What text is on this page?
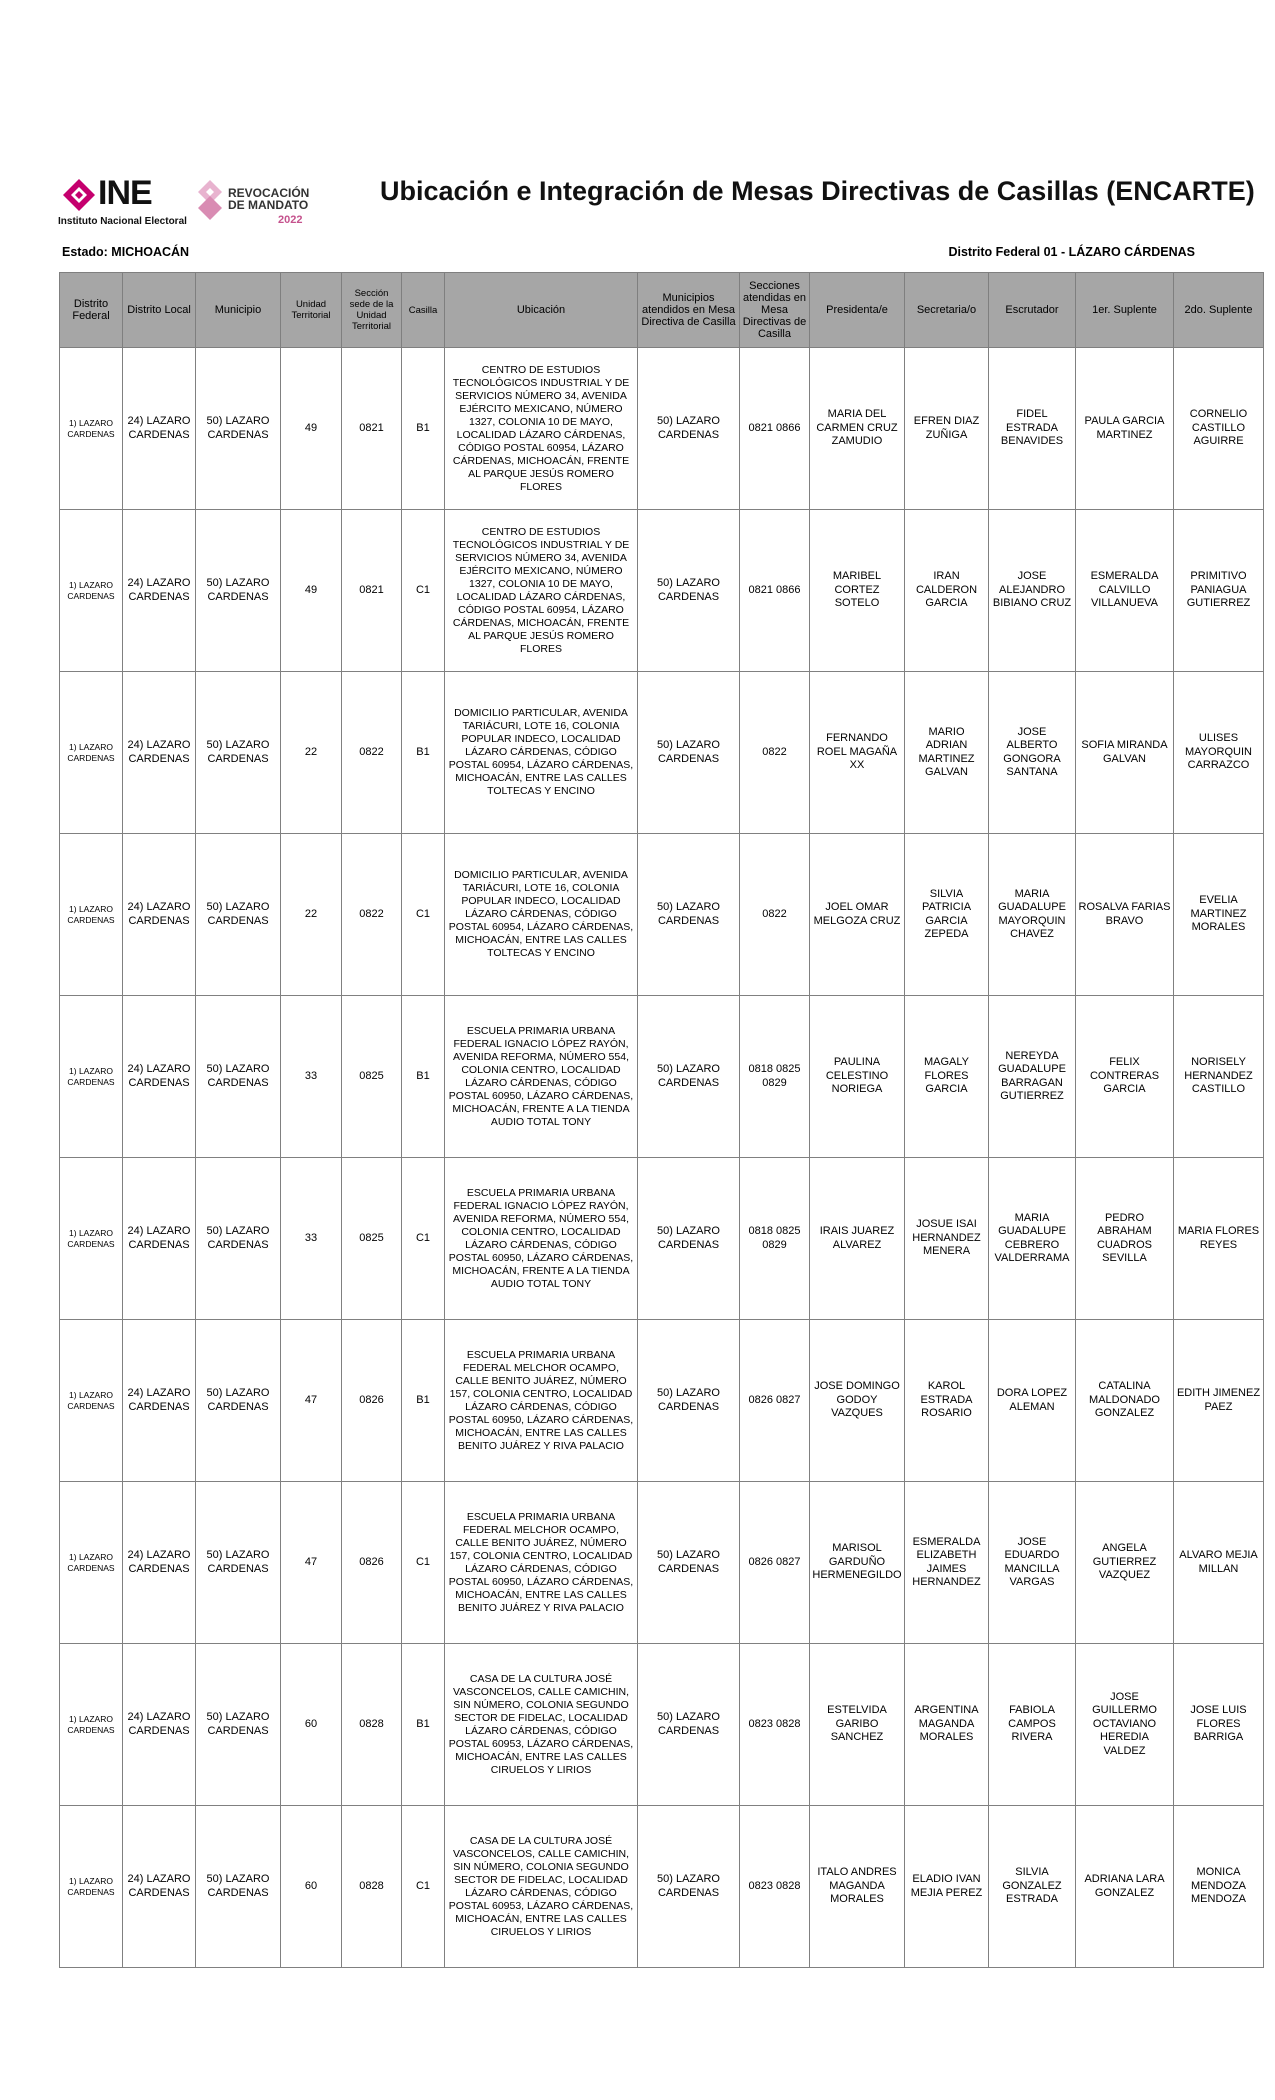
INE
Instituto Nacional Electoral
REVOCACIÓN
DE MANDATO
2022
Ubicación e Integración de Mesas Directivas de Casillas (ENCARTE)
Estado: MICHOACÁN	Distrito Federal 01 - LÁZARO CÁRDENAS
Distrito Federal	Distrito Local	Municipio	Unidad Territorial	Sección sede de la Unidad Territorial	Casilla	Ubicación	Municipios atendidos en Mesa Directiva de Casilla	Secciones atendidas en Mesa Directivas de Casilla	Presidenta/e	Secretaria/o	Escrutador	1er. Suplente	2do. Suplente
1) LAZARO CARDENAS	24) LAZARO CARDENAS	50) LAZARO CARDENAS	49	0821	B1	CENTRO DE ESTUDIOS TECNOLÓGICOS INDUSTRIAL Y DE SERVICIOS NÚMERO 34, AVENIDA EJÉRCITO MEXICANO, NÚMERO 1327, COLONIA 10 DE MAYO, LOCALIDAD LÁZARO CÁRDENAS, CÓDIGO POSTAL 60954, LÁZARO CÁRDENAS, MICHOACÁN, FRENTE AL PARQUE JESÚS ROMERO FLORES	50) LAZARO CARDENAS	0821 0866	MARIA DEL CARMEN CRUZ ZAMUDIO	EFREN DIAZ ZUÑIGA	FIDEL ESTRADA BENAVIDES	PAULA GARCIA MARTINEZ	CORNELIO CASTILLO AGUIRRE
1) LAZARO CARDENAS	24) LAZARO CARDENAS	50) LAZARO CARDENAS	49	0821	C1	CENTRO DE ESTUDIOS TECNOLÓGICOS INDUSTRIAL Y DE SERVICIOS NÚMERO 34, AVENIDA EJÉRCITO MEXICANO, NÚMERO 1327, COLONIA 10 DE MAYO, LOCALIDAD LÁZARO CÁRDENAS, CÓDIGO POSTAL 60954, LÁZARO CÁRDENAS, MICHOACÁN, FRENTE AL PARQUE JESÚS ROMERO FLORES	50) LAZARO CARDENAS	0821 0866	MARIBEL CORTEZ SOTELO	IRAN CALDERON GARCIA	JOSE ALEJANDRO BIBIANO CRUZ	ESMERALDA CALVILLO VILLANUEVA	PRIMITIVO PANIAGUA GUTIERREZ
1) LAZARO CARDENAS	24) LAZARO CARDENAS	50) LAZARO CARDENAS	22	0822	B1	DOMICILIO PARTICULAR, AVENIDA TARIÁCURI, LOTE 16, COLONIA POPULAR INDECO, LOCALIDAD LÁZARO CÁRDENAS, CÓDIGO POSTAL 60954, LÁZARO CÁRDENAS, MICHOACÁN, ENTRE LAS CALLES TOLTECAS Y ENCINO	50) LAZARO CARDENAS	0822	FERNANDO ROEL MAGAÑA XX	MARIO ADRIAN MARTINEZ GALVAN	JOSE ALBERTO GONGORA SANTANA	SOFIA MIRANDA GALVAN	ULISES MAYORQUIN CARRAZCO
1) LAZARO CARDENAS	24) LAZARO CARDENAS	50) LAZARO CARDENAS	22	0822	C1	DOMICILIO PARTICULAR, AVENIDA TARIÁCURI, LOTE 16, COLONIA POPULAR INDECO, LOCALIDAD LÁZARO CÁRDENAS, CÓDIGO POSTAL 60954, LÁZARO CÁRDENAS, MICHOACÁN, ENTRE LAS CALLES TOLTECAS Y ENCINO	50) LAZARO CARDENAS	0822	JOEL OMAR MELGOZA CRUZ	SILVIA PATRICIA GARCIA ZEPEDA	MARIA GUADALUPE MAYORQUIN CHAVEZ	ROSALVA FARIAS BRAVO	EVELIA MARTINEZ MORALES
1) LAZARO CARDENAS	24) LAZARO CARDENAS	50) LAZARO CARDENAS	33	0825	B1	ESCUELA PRIMARIA URBANA FEDERAL IGNACIO LÓPEZ RAYÓN, AVENIDA REFORMA, NÚMERO 554, COLONIA CENTRO, LOCALIDAD LÁZARO CÁRDENAS, CÓDIGO POSTAL 60950, LÁZARO CÁRDENAS, MICHOACÁN, FRENTE A LA TIENDA AUDIO TOTAL TONY	50) LAZARO CARDENAS	0818 0825 0829	PAULINA CELESTINO NORIEGA	MAGALY FLORES GARCIA	NEREYDA GUADALUPE BARRAGAN GUTIERREZ	FELIX CONTRERAS GARCIA	NORISELY HERNANDEZ CASTILLO
1) LAZARO CARDENAS	24) LAZARO CARDENAS	50) LAZARO CARDENAS	33	0825	C1	ESCUELA PRIMARIA URBANA FEDERAL IGNACIO LÓPEZ RAYÓN, AVENIDA REFORMA, NÚMERO 554, COLONIA CENTRO, LOCALIDAD LÁZARO CÁRDENAS, CÓDIGO POSTAL 60950, LÁZARO CÁRDENAS, MICHOACÁN, FRENTE A LA TIENDA AUDIO TOTAL TONY	50) LAZARO CARDENAS	0818 0825 0829	IRAIS JUAREZ ALVAREZ	JOSUE ISAI HERNANDEZ MENERA	MARIA GUADALUPE CEBRERO VALDERRAMA	PEDRO ABRAHAM CUADROS SEVILLA	MARIA FLORES REYES
1) LAZARO CARDENAS	24) LAZARO CARDENAS	50) LAZARO CARDENAS	47	0826	B1	ESCUELA PRIMARIA URBANA FEDERAL MELCHOR OCAMPO, CALLE BENITO JUÁREZ, NÚMERO 157, COLONIA CENTRO, LOCALIDAD LÁZARO CÁRDENAS, CÓDIGO POSTAL 60950, LÁZARO CÁRDENAS, MICHOACÁN, ENTRE LAS CALLES BENITO JUÁREZ Y RIVA PALACIO	50) LAZARO CARDENAS	0826 0827	JOSE DOMINGO GODOY VAZQUES	KAROL ESTRADA ROSARIO	DORA LOPEZ ALEMAN	CATALINA MALDONADO GONZALEZ	EDITH JIMENEZ PAEZ
1) LAZARO CARDENAS	24) LAZARO CARDENAS	50) LAZARO CARDENAS	47	0826	C1	ESCUELA PRIMARIA URBANA FEDERAL MELCHOR OCAMPO, CALLE BENITO JUÁREZ, NÚMERO 157, COLONIA CENTRO, LOCALIDAD LÁZARO CÁRDENAS, CÓDIGO POSTAL 60950, LÁZARO CÁRDENAS, MICHOACÁN, ENTRE LAS CALLES BENITO JUÁREZ Y RIVA PALACIO	50) LAZARO CARDENAS	0826 0827	MARISOL GARDUÑO HERMENEGILDO	ESMERALDA ELIZABETH JAIMES HERNANDEZ	JOSE EDUARDO MANCILLA VARGAS	ANGELA GUTIERREZ VAZQUEZ	ALVARO MEJIA MILLAN
1) LAZARO CARDENAS	24) LAZARO CARDENAS	50) LAZARO CARDENAS	60	0828	B1	CASA DE LA CULTURA JOSÉ VASCONCELOS, CALLE CAMICHIN, SIN NÚMERO, COLONIA SEGUNDO SECTOR DE FIDELAC, LOCALIDAD LÁZARO CÁRDENAS, CÓDIGO POSTAL 60953, LÁZARO CÁRDENAS, MICHOACÁN, ENTRE LAS CALLES CIRUELOS Y LIRIOS	50) LAZARO CARDENAS	0823 0828	ESTELVIDA GARIBO SANCHEZ	ARGENTINA MAGANDA MORALES	FABIOLA CAMPOS RIVERA	JOSE GUILLERMO OCTAVIANO HEREDIA VALDEZ	JOSE LUIS FLORES BARRIGA
1) LAZARO CARDENAS	24) LAZARO CARDENAS	50) LAZARO CARDENAS	60	0828	C1	CASA DE LA CULTURA JOSÉ VASCONCELOS, CALLE CAMICHIN, SIN NÚMERO, COLONIA SEGUNDO SECTOR DE FIDELAC, LOCALIDAD LÁZARO CÁRDENAS, CÓDIGO POSTAL 60953, LÁZARO CÁRDENAS, MICHOACÁN, ENTRE LAS CALLES CIRUELOS Y LIRIOS	50) LAZARO CARDENAS	0823 0828	ITALO ANDRES MAGANDA MORALES	ELADIO IVAN MEJIA PEREZ	SILVIA GONZALEZ ESTRADA	ADRIANA LARA GONZALEZ	MONICA MENDOZA MENDOZA
